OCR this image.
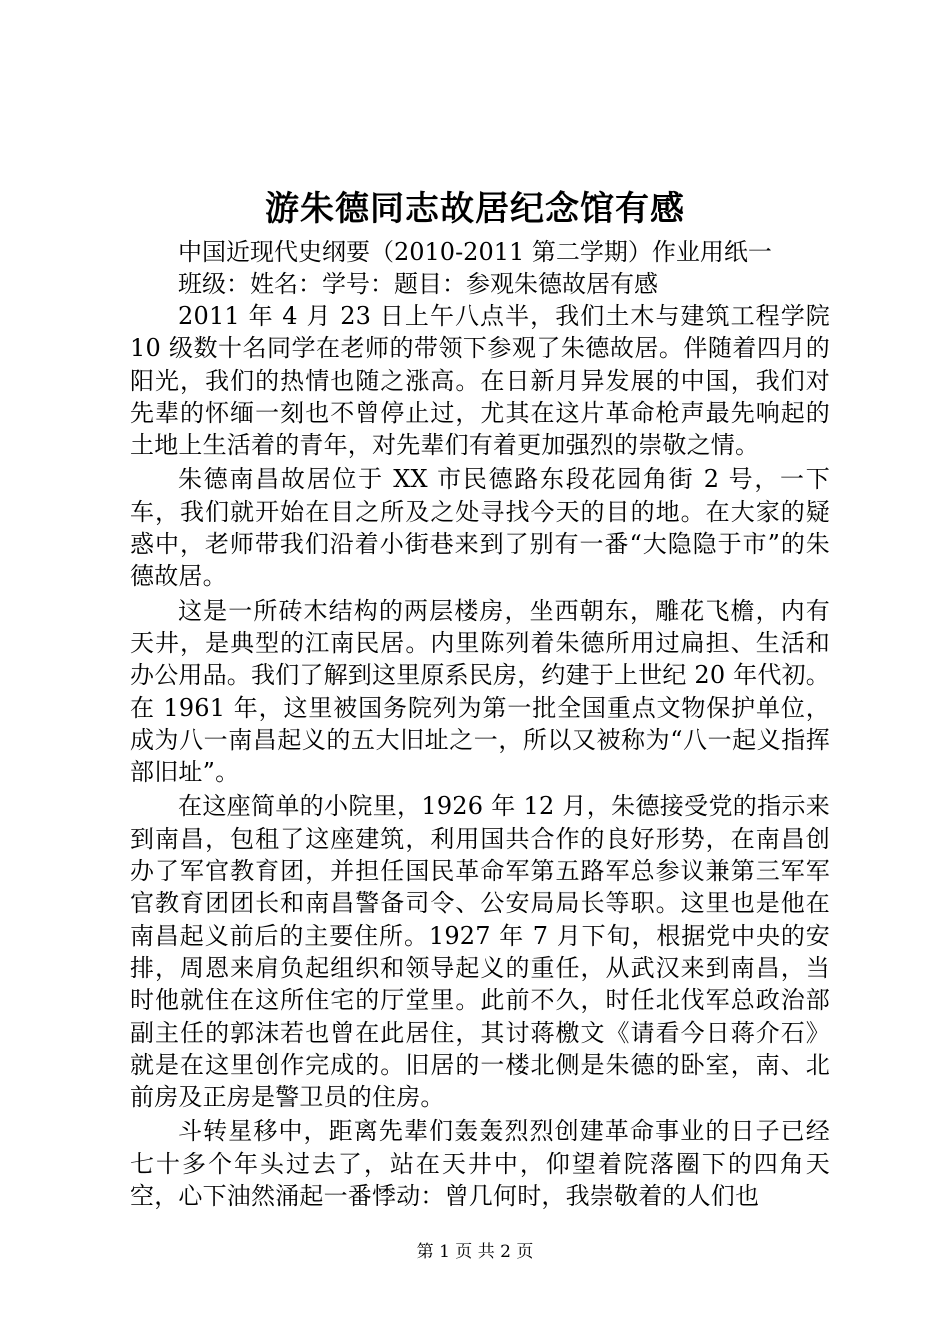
游朱德同志故居纪念馆有感

中国近现代史纲要（2010-2011 第二学期）作业用纸一

班级：姓名：学号：题目：参观朱德故居有感

2011 年 4 月 23 日上午八点半，我们土木与建筑工程学院 10 级数十名同学在老师的带领下参观了朱德故居。伴随着四月的阳光，我们的热情也随之涨高。在日新月异发展的中国，我们对先辈的怀缅一刻也不曾停止过，尤其在这片革命枪声最先响起的土地上生活着的青年，对先辈们有着更加强烈的崇敬之情。

朱德南昌故居位于 XX 市民德路东段花园角街 2 号，一下车，我们就开始在目之所及之处寻找今天的目的地。在大家的疑惑中，老师带我们沿着小街巷来到了别有一番“大隐隐于市”的朱德故居。

这是一所砖木结构的两层楼房，坐西朝东，雕花飞檐，内有天井，是典型的江南民居。内里陈列着朱德所用过扁担、生活和办公用品。我们了解到这里原系民房，约建于上世纪 20 年代初。在 1961 年，这里被国务院列为第一批全国重点文物保护单位，成为八一南昌起义的五大旧址之一，所以又被称为“八一起义指挥部旧址”。

在这座简单的小院里，1926 年 12 月，朱德接受党的指示来到南昌，包租了这座建筑，利用国共合作的良好形势，在南昌创办了军官教育团，并担任国民革命军第五路军总参议兼第三军军官教育团团长和南昌警备司令、公安局局长等职。这里也是他在南昌起义前后的主要住所。1927 年 7 月下旬，根据党中央的安排，周恩来肩负起组织和领导起义的重任，从武汉来到南昌，当时他就住在这所住宅的厅堂里。此前不久，时任北伐军总政治部副主任的郭沫若也曾在此居住，其讨蒋檄文《请看今日蒋介石》就是在这里创作完成的。旧居的一楼北侧是朱德的卧室，南、北前房及正房是警卫员的住房。

斗转星移中，距离先辈们轰轰烈烈创建革命事业的日子已经七十多个年头过去了，站在天井中，仰望着院落圈下的四角天空，心下油然涌起一番悸动：曾几何时，我崇敬着的人们也

第 1 页 共 2 页
